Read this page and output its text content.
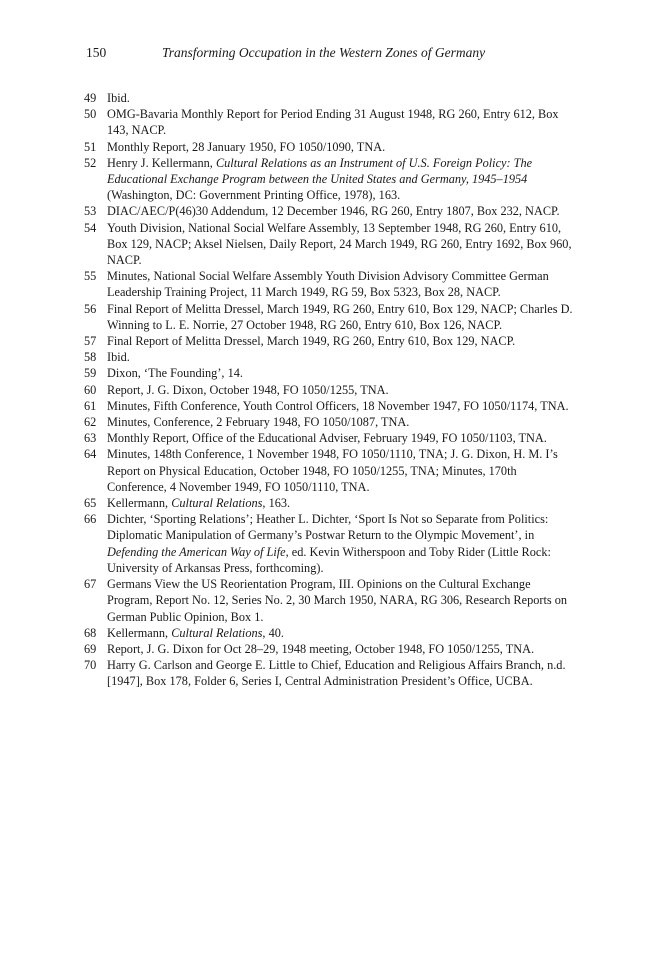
150	Transforming Occupation in the Western Zones of Germany
49 Ibid.
50 OMG-Bavaria Monthly Report for Period Ending 31 August 1948, RG 260, Entry 612, Box 143, NACP.
51 Monthly Report, 28 January 1950, FO 1050/1090, TNA.
52 Henry J. Kellermann, Cultural Relations as an Instrument of U.S. Foreign Policy: The Educational Exchange Program between the United States and Germany, 1945–1954 (Washington, DC: Government Printing Office, 1978), 163.
53 DIAC/AEC/P(46)30 Addendum, 12 December 1946, RG 260, Entry 1807, Box 232, NACP.
54 Youth Division, National Social Welfare Assembly, 13 September 1948, RG 260, Entry 610, Box 129, NACP; Aksel Nielsen, Daily Report, 24 March 1949, RG 260, Entry 1692, Box 960, NACP.
55 Minutes, National Social Welfare Assembly Youth Division Advisory Committee German Leadership Training Project, 11 March 1949, RG 59, Box 5323, Box 28, NACP.
56 Final Report of Melitta Dressel, March 1949, RG 260, Entry 610, Box 129, NACP; Charles D. Winning to L. E. Norrie, 27 October 1948, RG 260, Entry 610, Box 126, NACP.
57 Final Report of Melitta Dressel, March 1949, RG 260, Entry 610, Box 129, NACP.
58 Ibid.
59 Dixon, ‘The Founding’, 14.
60 Report, J. G. Dixon, October 1948, FO 1050/1255, TNA.
61 Minutes, Fifth Conference, Youth Control Officers, 18 November 1947, FO 1050/1174, TNA.
62 Minutes, Conference, 2 February 1948, FO 1050/1087, TNA.
63 Monthly Report, Office of the Educational Adviser, February 1949, FO 1050/1103, TNA.
64 Minutes, 148th Conference, 1 November 1948, FO 1050/1110, TNA; J. G. Dixon, H. M. I’s Report on Physical Education, October 1948, FO 1050/1255, TNA; Minutes, 170th Conference, 4 November 1949, FO 1050/1110, TNA.
65 Kellermann, Cultural Relations, 163.
66 Dichter, ‘Sporting Relations’; Heather L. Dichter, ‘Sport Is Not so Separate from Politics: Diplomatic Manipulation of Germany’s Postwar Return to the Olympic Movement’, in Defending the American Way of Life, ed. Kevin Witherspoon and Toby Rider (Little Rock: University of Arkansas Press, forthcoming).
67 Germans View the US Reorientation Program, III. Opinions on the Cultural Exchange Program, Report No. 12, Series No. 2, 30 March 1950, NARA, RG 306, Research Reports on German Public Opinion, Box 1.
68 Kellermann, Cultural Relations, 40.
69 Report, J. G. Dixon for Oct 28–29, 1948 meeting, October 1948, FO 1050/1255, TNA.
70 Harry G. Carlson and George E. Little to Chief, Education and Religious Affairs Branch, n.d. [1947], Box 178, Folder 6, Series I, Central Administration President’s Office, UCBA.
